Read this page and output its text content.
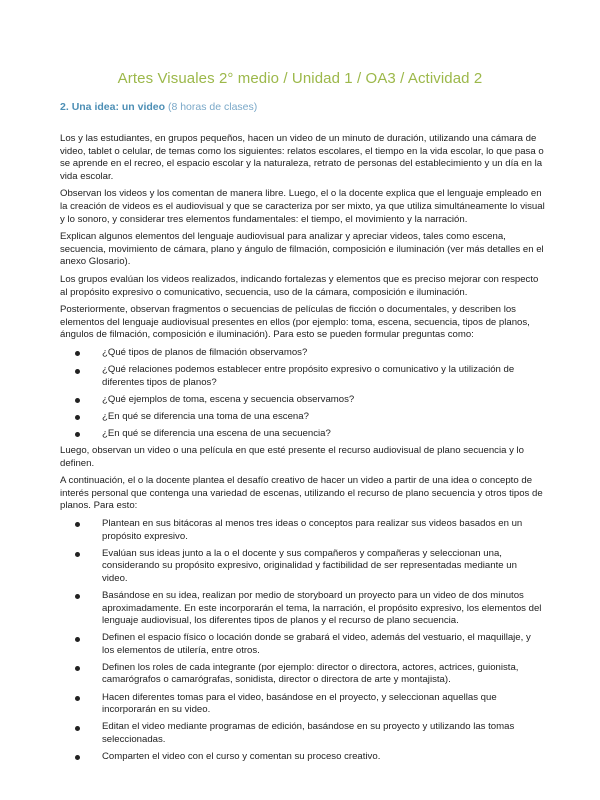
Artes Visuales 2° medio / Unidad 1 / OA3 / Actividad 2
2. Una idea: un video (8 horas de clases)

Los y las estudiantes, en grupos pequeños, hacen un video de un minuto de duración, utilizando una cámara de video, tablet o celular, de temas como los siguientes: relatos escolares, el tiempo en la vida escolar, lo que pasa o se aprende en el recreo, el espacio escolar y la naturaleza, retrato de personas del establecimiento y un día en la vida escolar.

Observan los videos y los comentan de manera libre. Luego, el o la docente explica que el lenguaje empleado en la creación de videos es el audiovisual y que se caracteriza por ser mixto, ya que utiliza simultáneamente lo visual y lo sonoro, y considerar tres elementos fundamentales: el tiempo, el movimiento y la narración.

Explican algunos elementos del lenguaje audiovisual para analizar y apreciar videos, tales como escena, secuencia, movimiento de cámara, plano y ángulo de filmación, composición e iluminación (ver más detalles en el anexo Glosario).

Los grupos evalúan los videos realizados, indicando fortalezas y elementos que es preciso mejorar con respecto al propósito expresivo o comunicativo, secuencia, uso de la cámara, composición e iluminación.

Posteriormente, observan fragmentos o secuencias de películas de ficción o documentales, y describen los elementos del lenguaje audiovisual presentes en ellos (por ejemplo: toma, escena, secuencia, tipos de planos, ángulos de filmación, composición e iluminación). Para esto se pueden formular preguntas como:

¿Qué tipos de planos de filmación observamos?
¿Qué relaciones podemos establecer entre propósito expresivo o comunicativo y la utilización de diferentes tipos de planos?
¿Qué ejemplos de toma, escena y secuencia observamos?
¿En qué se diferencia una toma de una escena?
¿En qué se diferencia una escena de una secuencia?

Luego, observan un video o una película en que esté presente el recurso audiovisual de plano secuencia y lo definen.

A continuación, el o la docente plantea el desafío creativo de hacer un video a partir de una idea o concepto de interés personal que contenga una variedad de escenas, utilizando el recurso de plano secuencia y otros tipos de planos. Para esto:

Plantean en sus bitácoras al menos tres ideas o conceptos para realizar sus videos basados en un propósito expresivo.
Evalúan sus ideas junto a la o el docente y sus compañeros y compañeras y seleccionan una, considerando su propósito expresivo, originalidad y factibilidad de ser representadas mediante un video.
Basándose en su idea, realizan por medio de storyboard un proyecto para un video de dos minutos aproximadamente. En este incorporarán el tema, la narración, el propósito expresivo, los elementos del lenguaje audiovisual, los diferentes tipos de planos y el recurso de plano secuencia.
Definen el espacio físico o locación donde se grabará el video, además del vestuario, el maquillaje, y los elementos de utilería, entre otros.
Definen los roles de cada integrante (por ejemplo: director o directora, actores, actrices, guionista, camarógrafos o camarógrafas, sonidista, director o directora de arte y montajista).
Hacen diferentes tomas para el video, basándose en el proyecto, y seleccionan aquellas que incorporarán en su video.
Editan el video mediante programas de edición, basándose en su proyecto y utilizando las tomas seleccionadas.
Comparten el video con el curso y comentan su proceso creativo.
